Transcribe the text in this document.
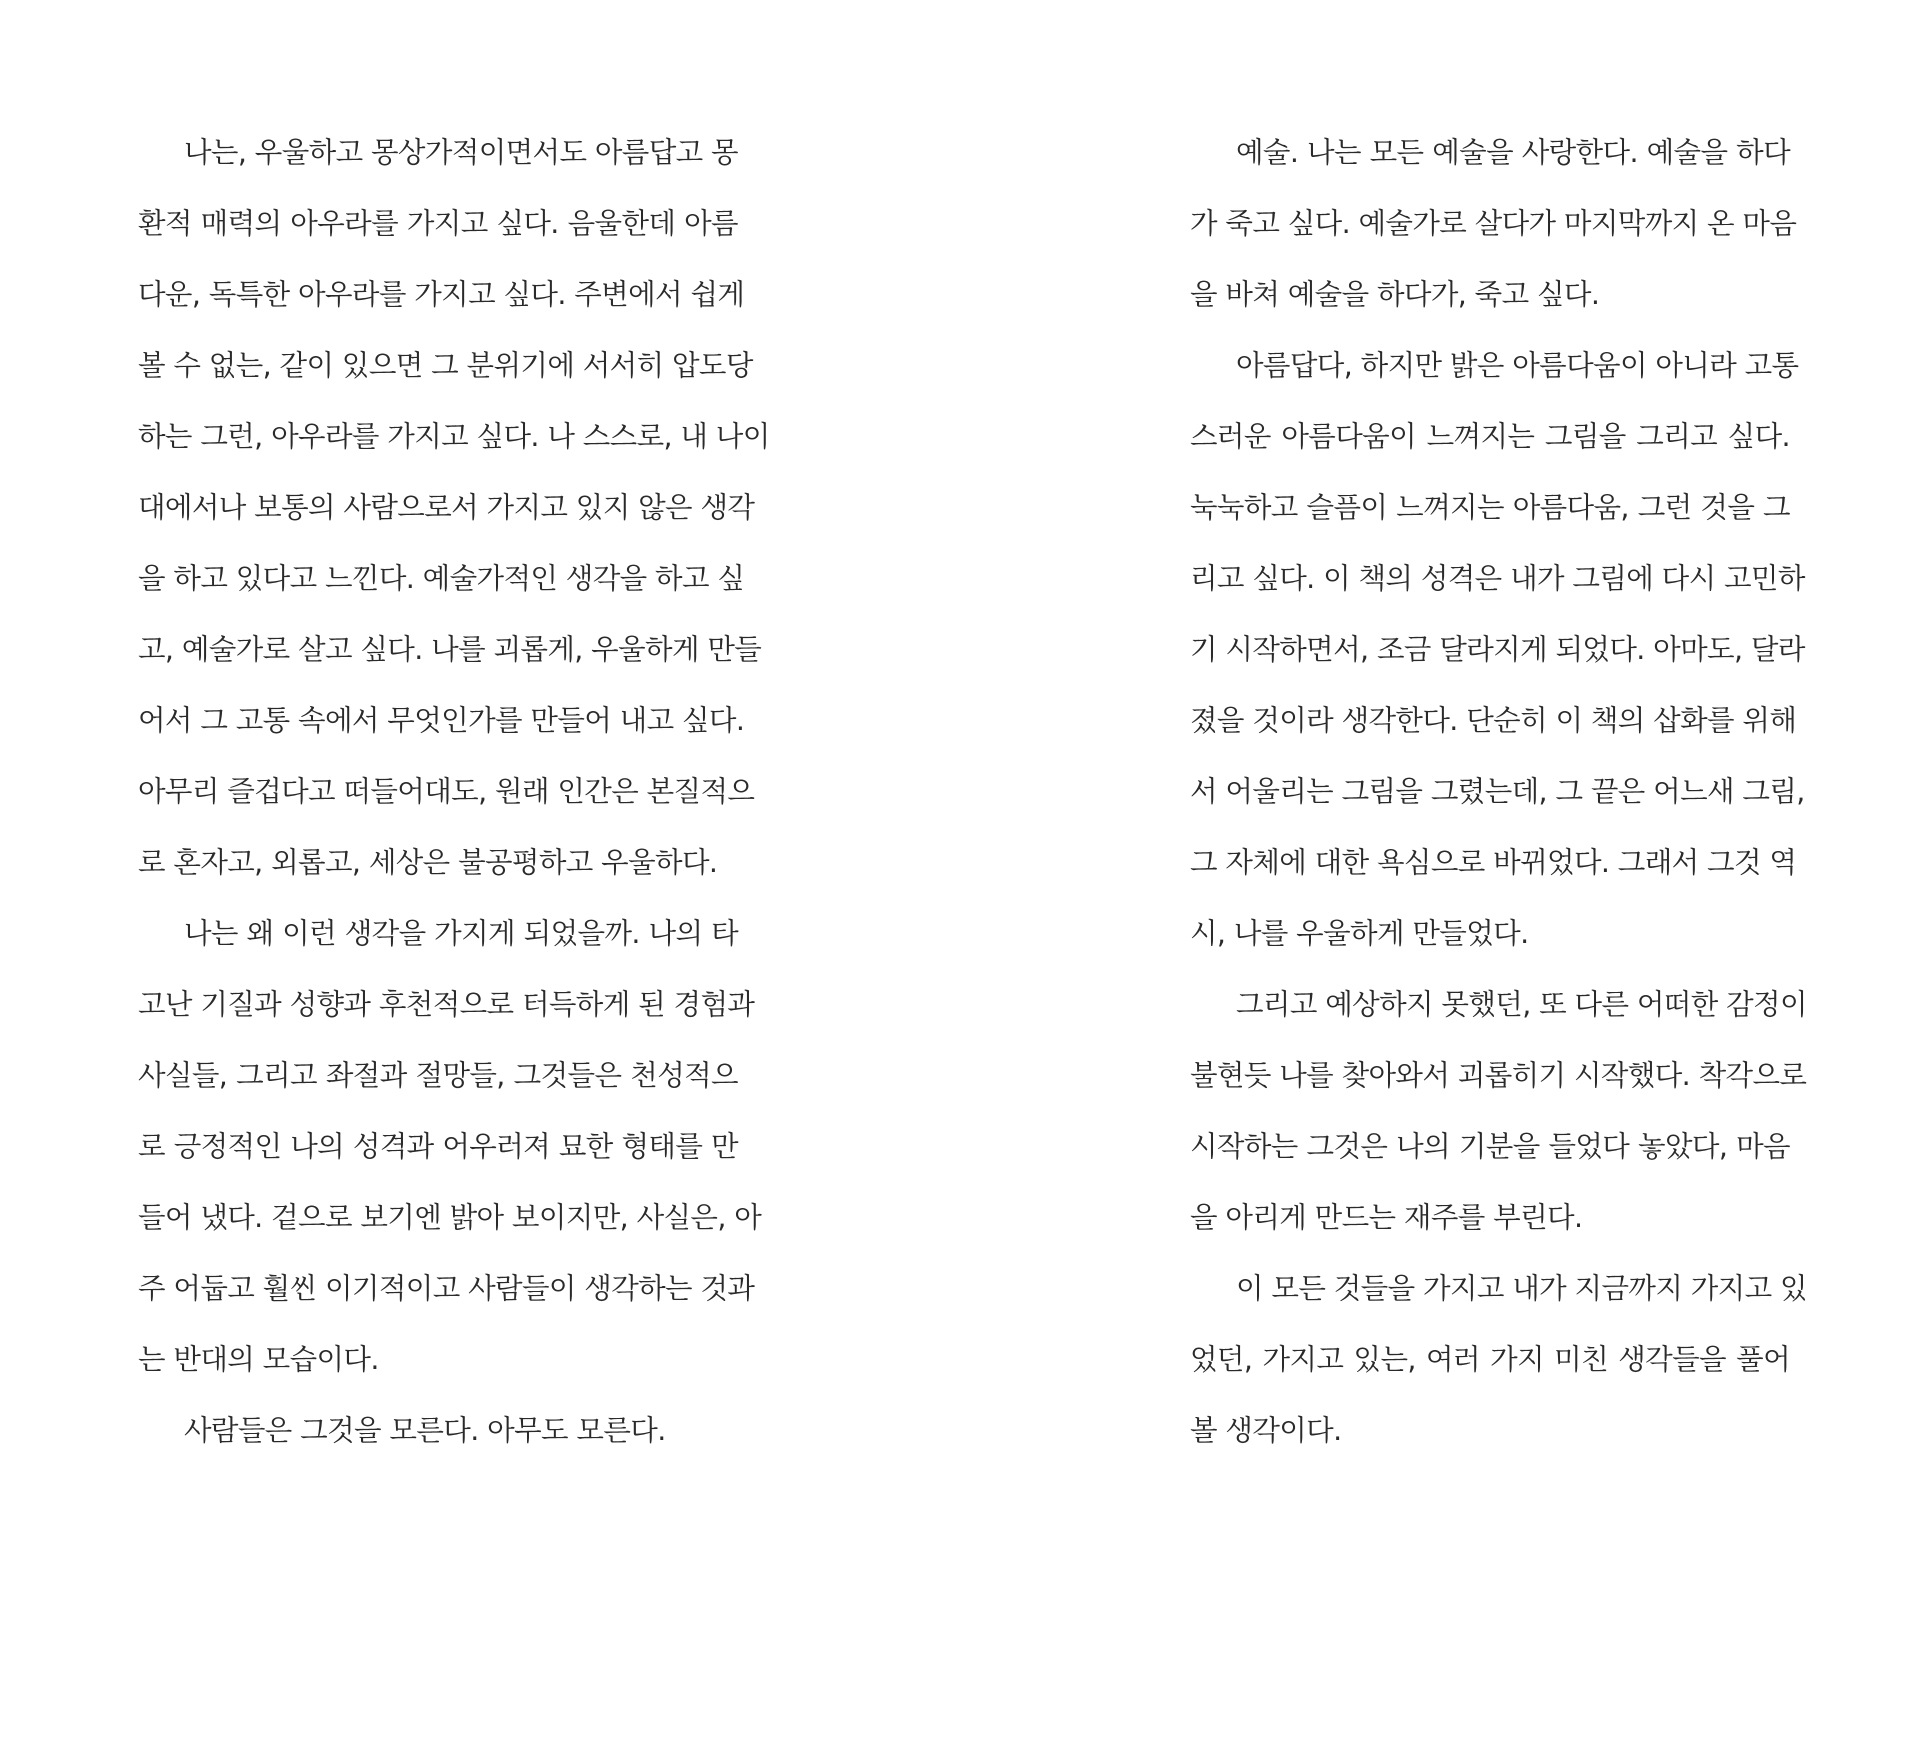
나는, 우울하고 몽상가적이면서도 아름답고 몽
환적 매력의 아우라를 가지고 싶다. 음울한데 아름
다운, 독특한 아우라를 가지고 싶다. 주변에서 쉽게
볼 수 없는, 같이 있으면 그 분위기에 서서히 압도당
하는 그런, 아우라를 가지고 싶다. 나 스스로, 내 나이
대에서나 보통의 사람으로서 가지고 있지 않은 생각
을 하고 있다고 느낀다. 예술가적인 생각을 하고 싶
고, 예술가로 살고 싶다. 나를 괴롭게, 우울하게 만들
어서 그 고통 속에서 무엇인가를 만들어 내고 싶다.
아무리 즐겁다고 떠들어대도, 원래 인간은 본질적으
로 혼자고, 외롭고, 세상은 불공평하고 우울하다.
나는 왜 이런 생각을 가지게 되었을까. 나의 타
고난 기질과 성향과 후천적으로 터득하게 된 경험과
사실들, 그리고 좌절과 절망들, 그것들은 천성적으
로 긍정적인 나의 성격과 어우러져 묘한 형태를 만
들어 냈다. 겉으로 보기엔 밝아 보이지만, 사실은, 아
주 어둡고 훨씬 이기적이고 사람들이 생각하는 것과
는 반대의 모습이다.
사람들은 그것을 모른다. 아무도 모른다.
예술. 나는 모든 예술을 사랑한다. 예술을 하다
가 죽고 싶다. 예술가로 살다가 마지막까지 온 마음
을 바쳐 예술을 하다가, 죽고 싶다.
아름답다, 하지만 밝은 아름다움이 아니라 고통
스러운 아름다움이 느껴지는 그림을 그리고 싶다.
눅눅하고 슬픔이 느껴지는 아름다움, 그런 것을 그
리고 싶다. 이 책의 성격은 내가 그림에 다시 고민하
기 시작하면서, 조금 달라지게 되었다. 아마도, 달라
졌을 것이라 생각한다. 단순히 이 책의 삽화를 위해
서 어울리는 그림을 그렸는데, 그 끝은 어느새 그림,
그 자체에 대한 욕심으로 바뀌었다. 그래서 그것 역
시, 나를 우울하게 만들었다.
그리고 예상하지 못했던, 또 다른 어떠한 감정이
불현듯 나를 찾아와서 괴롭히기 시작했다. 착각으로
시작하는 그것은 나의 기분을 들었다 놓았다, 마음
을 아리게 만드는 재주를 부린다.
이 모든 것들을 가지고 내가 지금까지 가지고 있
었던, 가지고 있는, 여러 가지 미친 생각들을 풀어
볼 생각이다.
